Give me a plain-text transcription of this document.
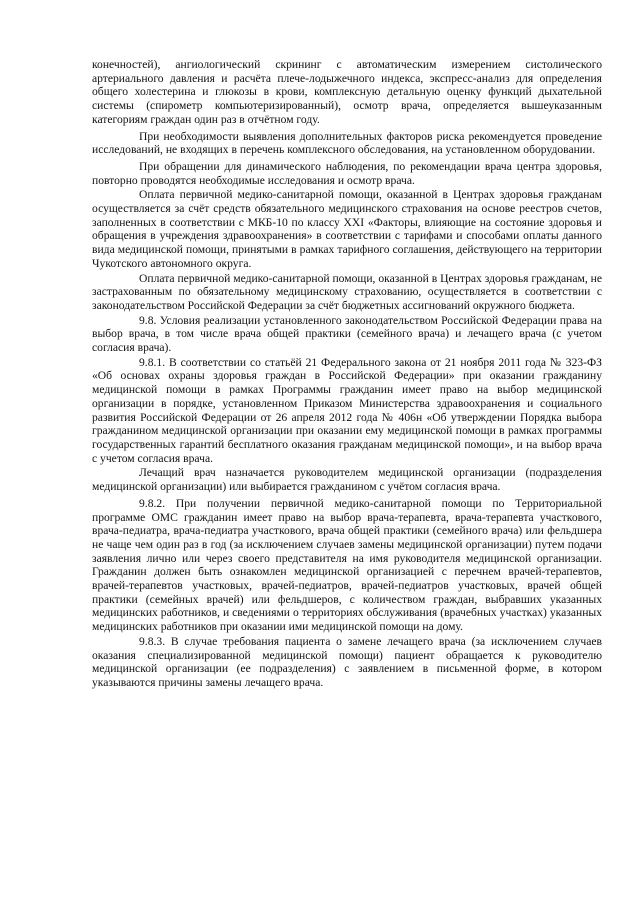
конечностей), ангиологический скрининг с автоматическим измерением систолического артериального давления и расчёта плече-лодыжечного индекса, экспресс-анализ для определения общего холестерина и глюкозы в крови, комплексную детальную оценку функций дыхательной системы (спирометр компьютеризированный), осмотр врача, определяется вышеуказанным категориям граждан один раз в отчётном году.

При необходимости выявления дополнительных факторов риска рекомендуется проведение исследований, не входящих в перечень комплексного обследования, на установленном оборудовании.

При обращении для динамического наблюдения, по рекомендации врача центра здоровья, повторно проводятся необходимые исследования и осмотр врача.

Оплата первичной медико-санитарной помощи, оказанной в Центрах здоровья гражданам осуществляется за счёт средств обязательного медицинского страхования на основе реестров счетов, заполненных в соответствии с МКБ-10 по классу XXI «Факторы, влияющие на состояние здоровья и обращения в учреждения здравоохранения» в соответствии с тарифами и способами оплаты данного вида медицинской помощи, принятыми в рамках тарифного соглашения, действующего на территории Чукотского автономного округа.

Оплата первичной медико-санитарной помощи, оказанной в Центрах здоровья гражданам, не застрахованным по обязательному медицинскому страхованию, осуществляется в соответствии с законодательством Российской Федерации за счёт бюджетных ассигнований окружного бюджета.

9.8. Условия реализации установленного законодательством Российской Федерации права на выбор врача, в том числе врача общей практики (семейного врача) и лечащего врача (с учетом согласия врача).

9.8.1. В соответствии со статьёй 21 Федерального закона от 21 ноября 2011 года № 323-ФЗ «Об основах охраны здоровья граждан в Российской Федерации» при оказании гражданину медицинской помощи в рамках Программы гражданин имеет право на выбор медицинской организации в порядке, установленном Приказом Министерства здравоохранения и социального развития Российской Федерации от 26 апреля 2012 года № 406н «Об утверждении Порядка выбора гражданином медицинской организации при оказании ему медицинской помощи в рамках программы государственных гарантий бесплатного оказания гражданам медицинской помощи», и на выбор врача с учетом согласия врача.

Лечащий врач назначается руководителем медицинской организации (подразделения медицинской организации) или выбирается гражданином с учётом согласия врача.

9.8.2. При получении первичной медико-санитарной помощи по Территориальной программе ОМС гражданин имеет право на выбор врача-терапевта, врача-терапевта участкового, врача-педиатра, врача-педиатра участкового, врача общей практики (семейного врача) или фельдшера не чаще чем один раз в год (за исключением случаев замены медицинской организации) путем подачи заявления лично или через своего представителя на имя руководителя медицинской организации. Гражданин должен быть ознакомлен медицинской организацией с перечнем врачей-терапевтов, врачей-терапевтов участковых, врачей-педиатров, врачей-педиатров участковых, врачей общей практики (семейных врачей) или фельдшеров, с количеством граждан, выбравших указанных медицинских работников, и сведениями о территориях обслуживания (врачебных участках) указанных медицинских работников при оказании ими медицинской помощи на дому.

9.8.3. В случае требования пациента о замене лечащего врача (за исключением случаев оказания специализированной медицинской помощи) пациент обращается к руководителю медицинской организации (ее подразделения) с заявлением в письменной форме, в котором указываются причины замены лечащего врача.
